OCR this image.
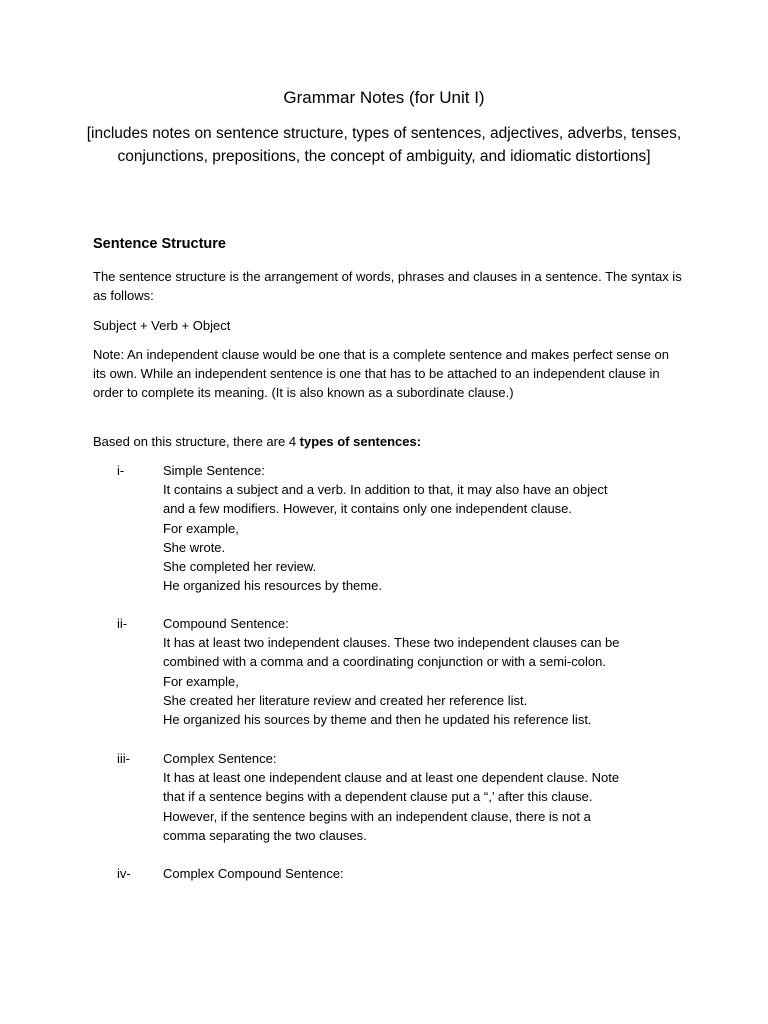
Grammar Notes (for Unit I)
[includes notes on sentence structure, types of sentences, adjectives, adverbs, tenses, conjunctions, prepositions, the concept of ambiguity, and idiomatic distortions]
Sentence Structure
The sentence structure is the arrangement of words, phrases and clauses in a sentence. The syntax is as follows:
Subject + Verb + Object
Note: An independent clause would be one that is a complete sentence and makes perfect sense on its own. While an independent sentence is one that has to be attached to an independent clause in order to complete its meaning. (It is also known as a subordinate clause.)
Based on this structure, there are 4 types of sentences:
i-	Simple Sentence:
It contains a subject and a verb. In addition to that, it may also have an object
and a few modifiers. However, it contains only one independent clause.
For example,
She wrote.
She completed her review.
He organized his resources by theme.
ii-	Compound Sentence:
It has at least two independent clauses. These two independent clauses can be
combined with a comma and a coordinating conjunction or with a semi-colon.
For example,
She created her literature review and created her reference list.
He organized his sources by theme and then he updated his reference list.
iii-	Complex Sentence:
It has at least one independent clause and at least one dependent clause. Note
that if a sentence begins with a dependent clause put a “,’ after this clause.
However, if the sentence begins with an independent clause, there is not a
comma separating the two clauses.
iv- Complex Compound Sentence:
